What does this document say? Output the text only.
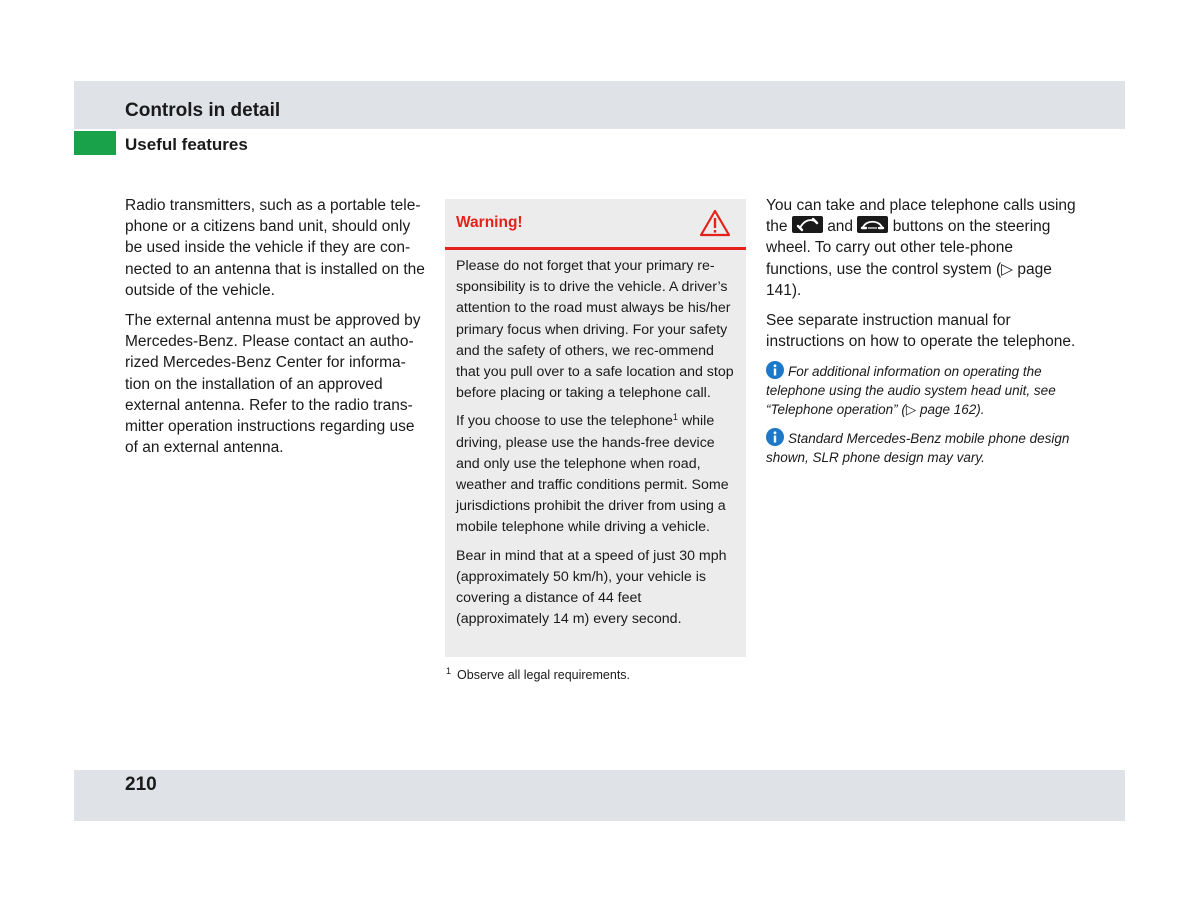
Controls in detail
Useful features

Radio transmitters, such as a portable tele-phone or a citizens band unit, should only be used inside the vehicle if they are con-nected to an antenna that is installed on the outside of the vehicle.

The external antenna must be approved by Mercedes-Benz. Please contact an autho-rized Mercedes-Benz Center for informa-tion on the installation of an approved external antenna. Refer to the radio trans-mitter operation instructions regarding use of an external antenna.

Warning!

Please do not forget that your primary re-sponsibility is to drive the vehicle. A driver’s attention to the road must always be his/her primary focus when driving. For your safety and the safety of others, we rec-ommend that you pull over to a safe location and stop before placing or taking a telephone call.

If you choose to use the telephone$^1$ while driving, please use the hands-free device and only use the telephone when road, weather and traffic conditions permit. Some jurisdictions prohibit the driver from using a mobile telephone while driving a vehicle.

Bear in mind that at a speed of just 30 mph (approximately 50 km/h), your vehicle is covering a distance of 44 feet (approximately 14 m) every second.

$^1$ Observe all legal requirements.

You can take and place telephone calls using the	and	buttons on the steering wheel. To carry out other tele-phone functions, use the control system (▷ page 141).

See separate instruction manual for instructions on how to operate the telephone.

For additional information on operating the telephone using the audio system head unit, see “Telephone operation” (▷ page 162).

Standard Mercedes-Benz mobile phone design shown, SLR phone design may vary.

210
